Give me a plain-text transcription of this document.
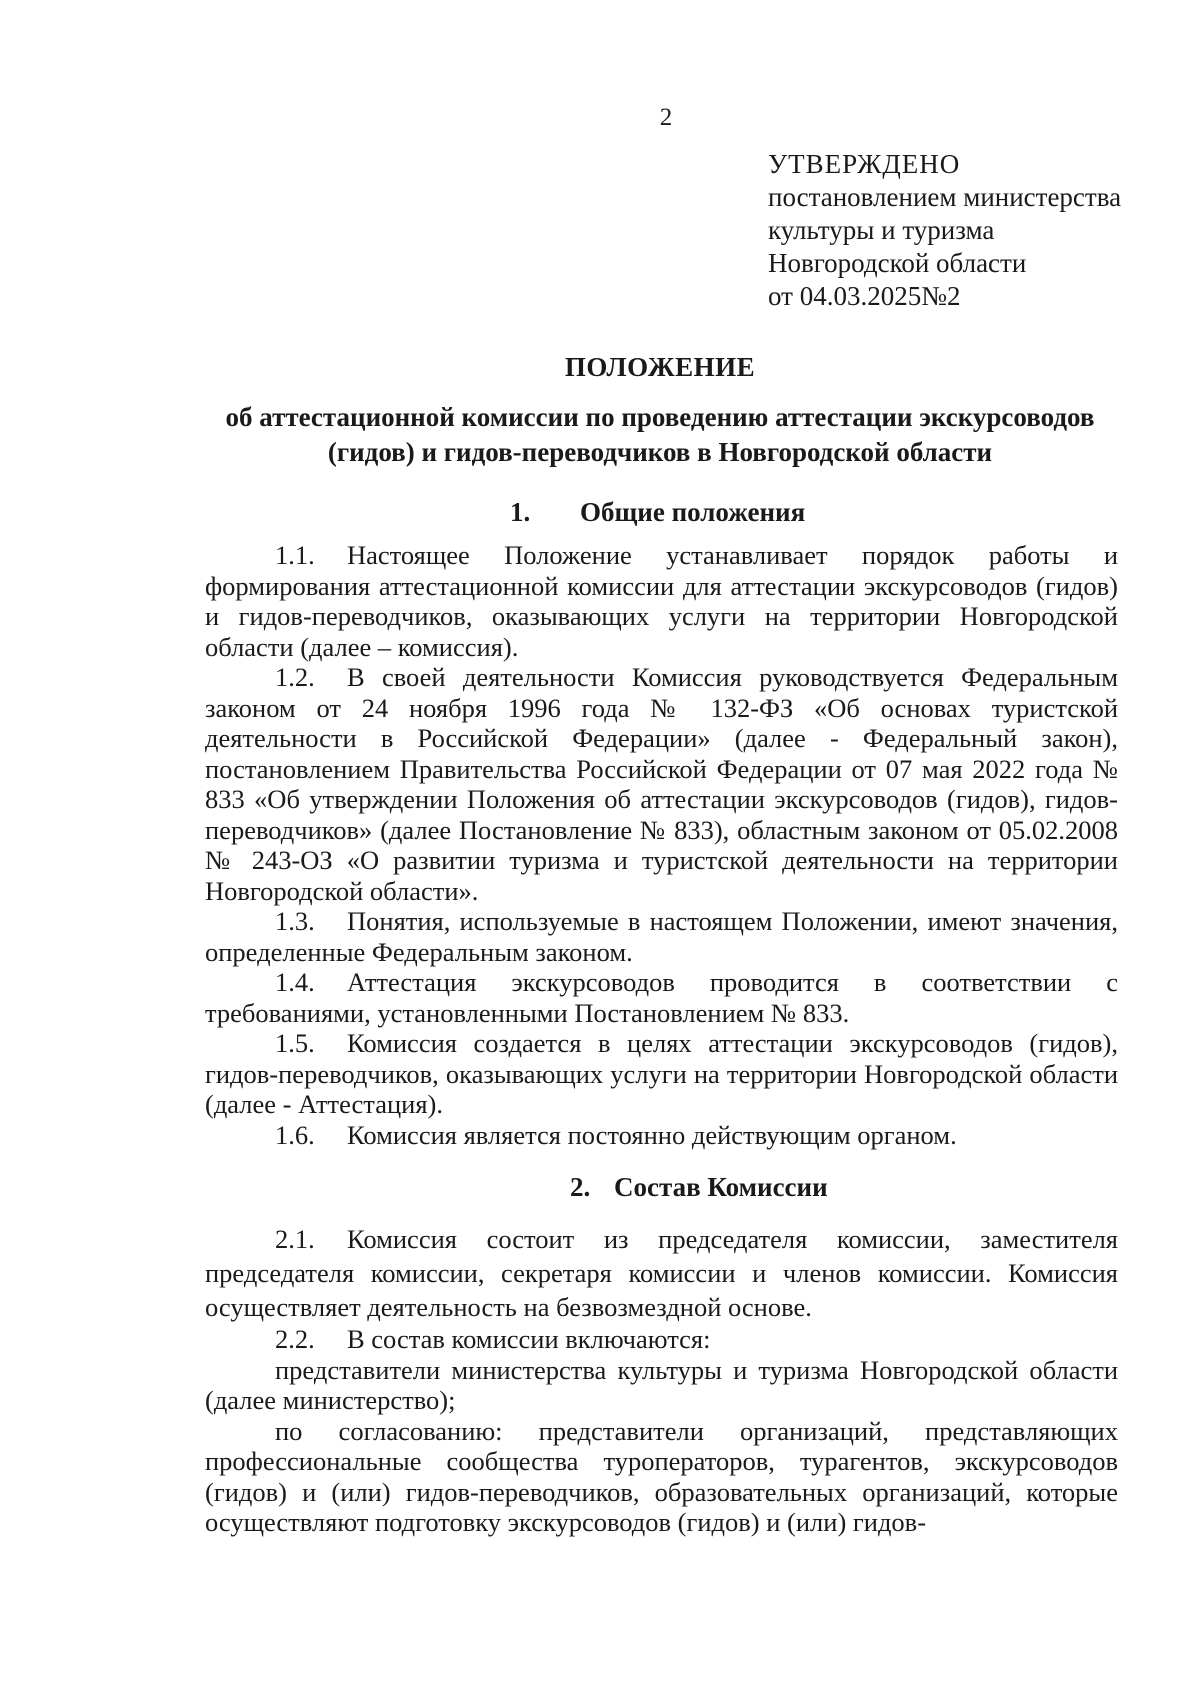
2
УТВЕРЖДЕНО
постановлением министерства
культуры и туризма
Новгородской области
от 04.03.2025№2
ПОЛОЖЕНИЕ
об аттестационной комиссии по проведению аттестации экскурсоводов (гидов) и гидов-переводчиков в Новгородской области
1. Общие положения

1.1. Настоящее Положение устанавливает порядок работы и формирования аттестационной комиссии для аттестации экскурсоводов (гидов) и гидов-переводчиков, оказывающих услуги на территории Новгородской области (далее – комиссия).

1.2. В своей деятельности Комиссия руководствуется Федеральным законом от 24 ноября 1996 года № 132-ФЗ «Об основах туристской деятельности в Российской Федерации» (далее - Федеральный закон), постановлением Правительства Российской Федерации от 07 мая 2022 года № 833 «Об утверждении Положения об аттестации экскурсоводов (гидов), гидов-переводчиков» (далее Постановление № 833), областным законом от 05.02.2008 № 243-ОЗ «О развитии туризма и туристской деятельности на территории Новгородской области».

1.3. Понятия, используемые в настоящем Положении, имеют значения, определенные Федеральным законом.

1.4. Аттестация экскурсоводов проводится в соответствии с требованиями, установленными Постановлением № 833.

1.5. Комиссия создается в целях аттестации экскурсоводов (гидов), гидов-переводчиков, оказывающих услуги на территории Новгородской области (далее - Аттестация).

1.6. Комиссия является постоянно действующим органом.

2. Состав Комиссии

2.1. Комиссия состоит из председателя комиссии, заместителя председателя комиссии, секретаря комиссии и членов комиссии. Комиссия осуществляет деятельность на безвозмездной основе.

2.2. В состав комиссии включаются:

представители министерства культуры и туризма Новгородской области (далее министерство);

по согласованию: представители организаций, представляющих профессиональные сообщества туроператоров, турагентов, экскурсоводов (гидов) и (или) гидов-переводчиков, образовательных организаций, которые осуществляют подготовку экскурсоводов (гидов) и (или) гидов-
